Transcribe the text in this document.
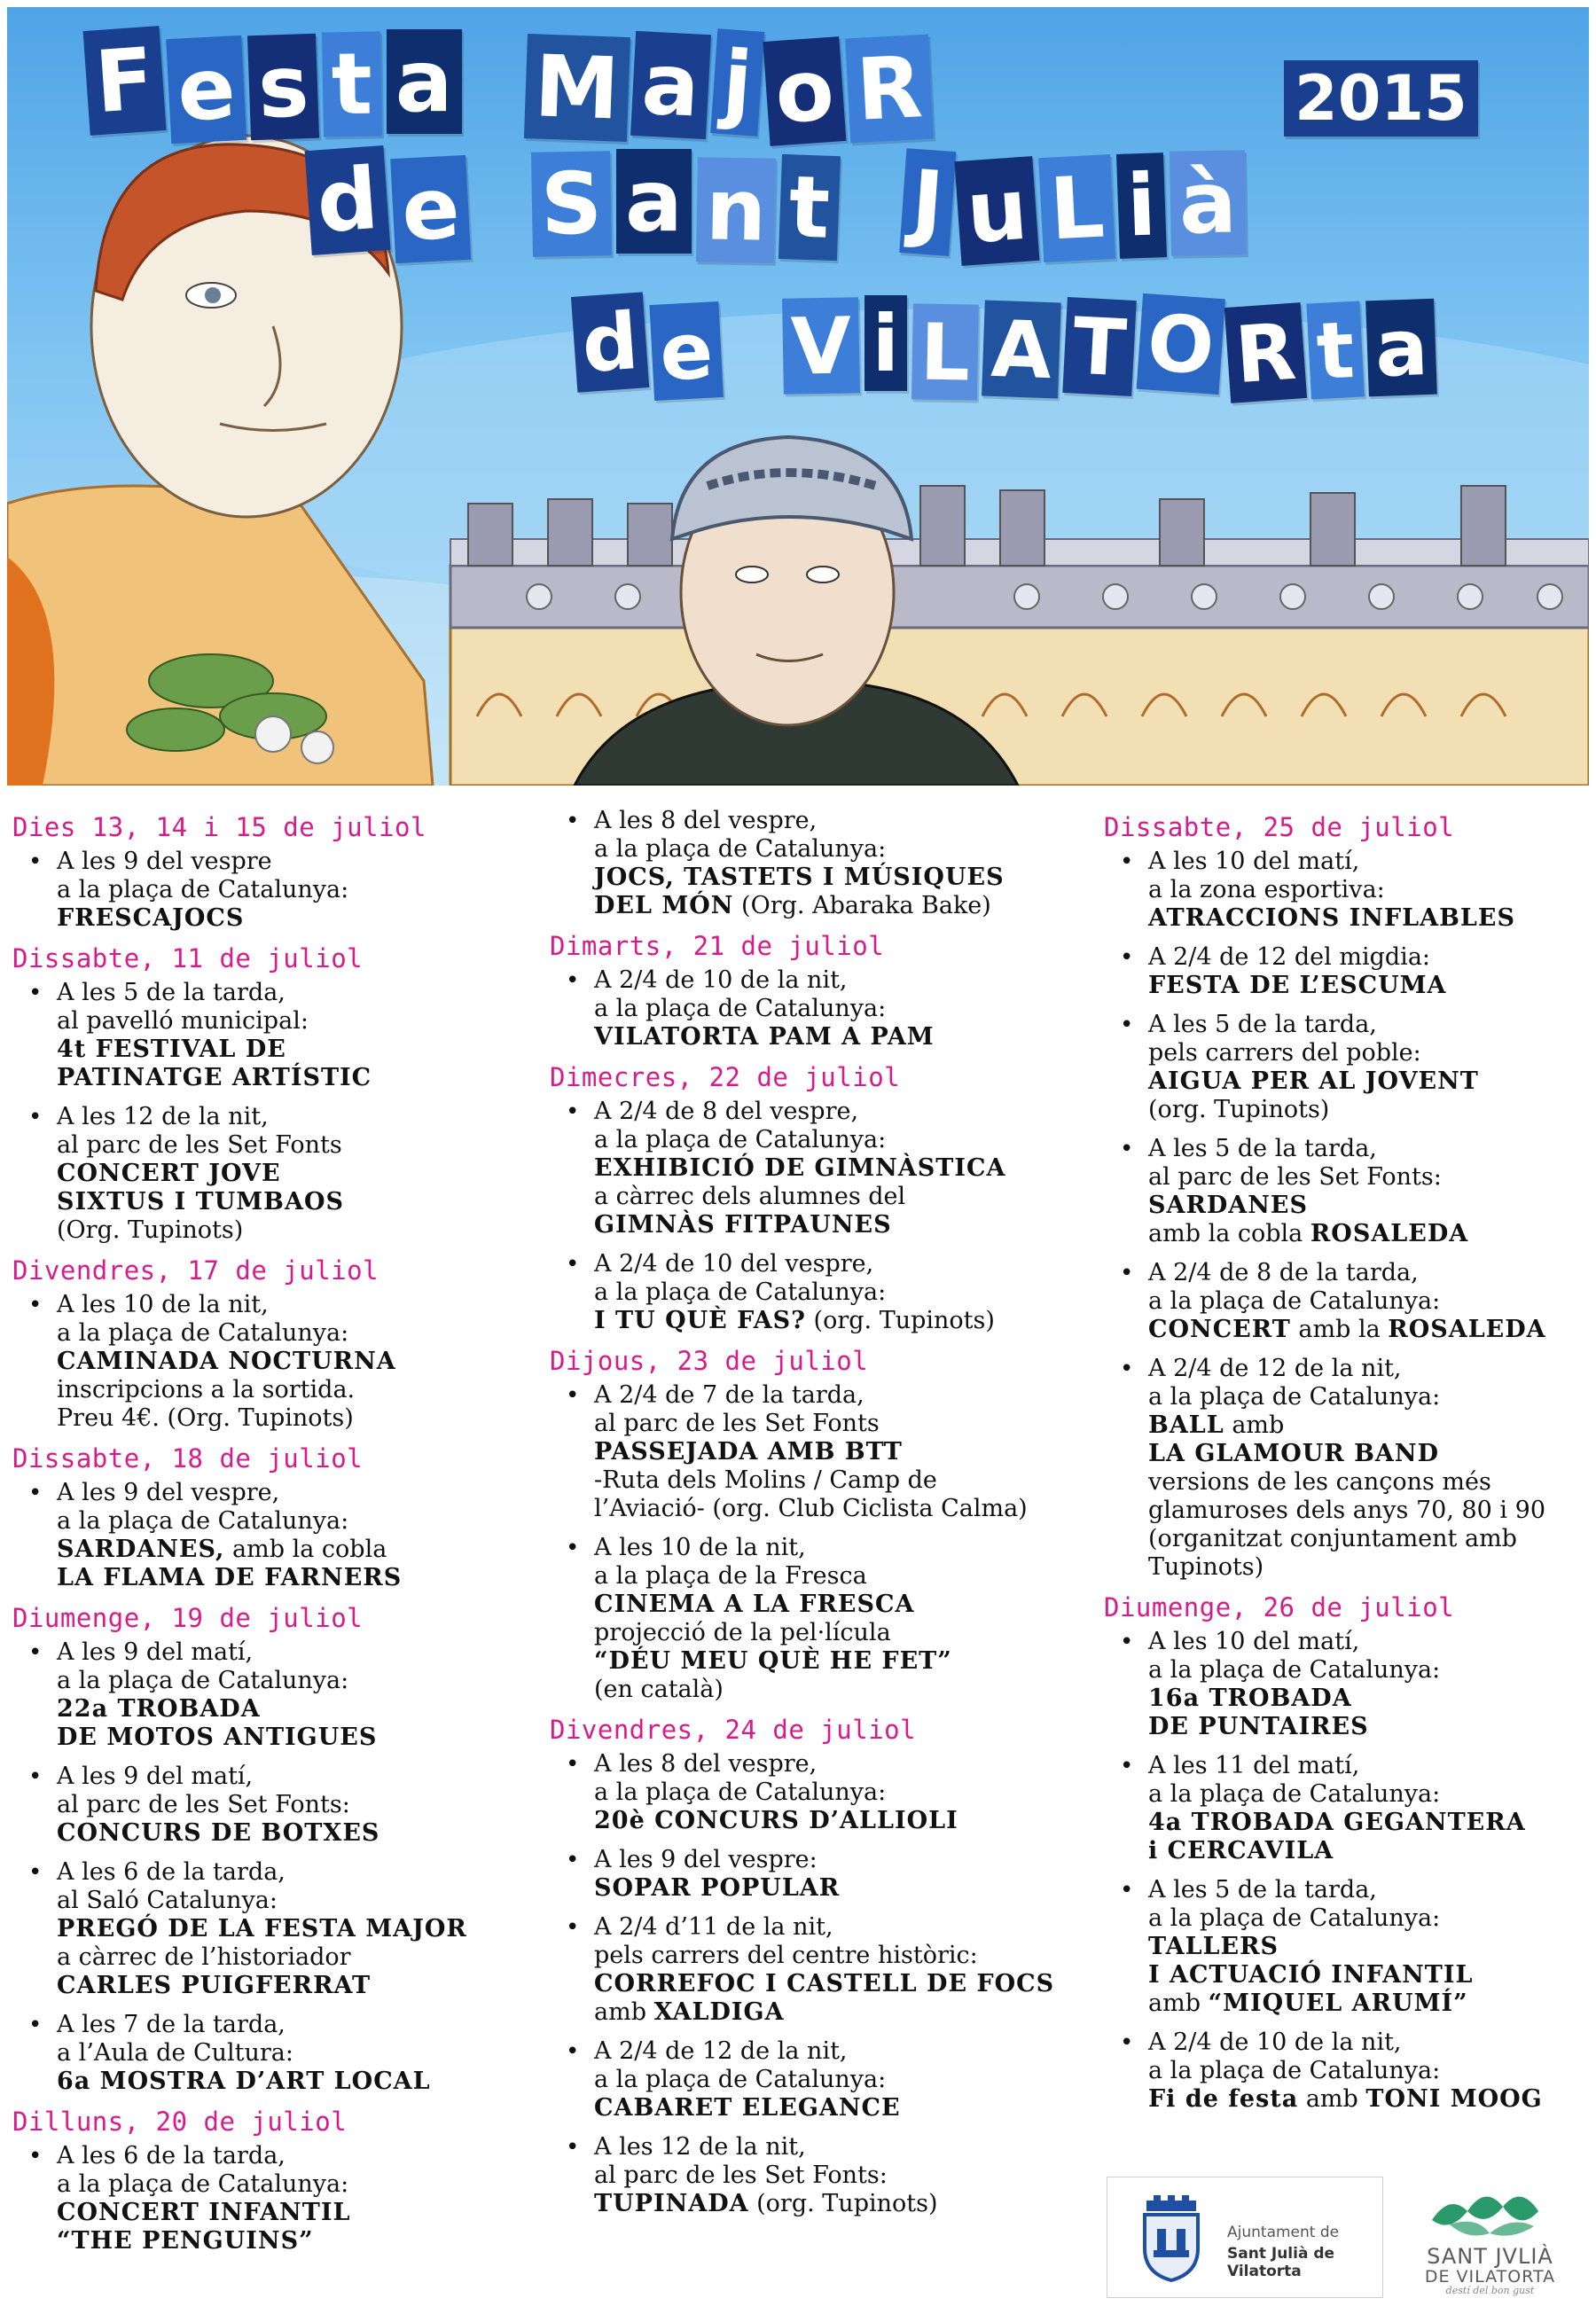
F e s t a M a j o R
d e S a n t J u L i à
d e V i L A T O R t a
2015
Dies 13, 14 i 15 de juliol
• A les 9 del vespre
a la plaça de Catalunya:
FRESCAJOCS
Dissabte, 11 de juliol
• A les 5 de la tarda,
al pavelló municipal:
4t FESTIVAL DE
PATINATGE ARTÍSTIC
• A les 12 de la nit,
al parc de les Set Fonts
CONCERT JOVE
SIXTUS I TUMBAOS
(Org. Tupinots)
Divendres, 17 de juliol
• A les 10 de la nit,
a la plaça de Catalunya:
CAMINADA NOCTURNA
inscripcions a la sortida.
Preu 4€. (Org. Tupinots)
Dissabte, 18 de juliol
• A les 9 del vespre,
a la plaça de Catalunya:
SARDANES, amb la cobla
LA FLAMA DE FARNERS
Diumenge, 19 de juliol
• A les 9 del matí,
a la plaça de Catalunya:
22a TROBADA
DE MOTOS ANTIGUES
• A les 9 del matí,
al parc de les Set Fonts:
CONCURS DE BOTXES
• A les 6 de la tarda,
al Saló Catalunya:
PREGÓ DE LA FESTA MAJOR
a càrrec de l’historiador
CARLES PUIGFERRAT
• A les 7 de la tarda,
a l’Aula de Cultura:
6a MOSTRA D’ART LOCAL
Dilluns, 20 de juliol
• A les 6 de la tarda,
a la plaça de Catalunya:
CONCERT INFANTIL
“THE PENGUINS”
• A les 8 del vespre,
a la plaça de Catalunya:
JOCS, TASTETS I MÚSIQUES
DEL MÓN (Org. Abaraka Bake)
Dimarts, 21 de juliol
• A 2/4 de 10 de la nit,
a la plaça de Catalunya:
VILATORTA PAM A PAM
Dimecres, 22 de juliol
• A 2/4 de 8 del vespre,
a la plaça de Catalunya:
EXHIBICIÓ DE GIMNÀSTICA
a càrrec dels alumnes del
GIMNÀS FITPAUNES
• A 2/4 de 10 del vespre,
a la plaça de Catalunya:
I TU QUÈ FAS? (org. Tupinots)
Dijous, 23 de juliol
• A 2/4 de 7 de la tarda,
al parc de les Set Fonts
PASSEJADA AMB BTT
-Ruta dels Molins / Camp de
l’Aviació- (org. Club Ciclista Calma)
• A les 10 de la nit,
a la plaça de la Fresca
CINEMA A LA FRESCA
projecció de la pel·lícula
“DÉU MEU QUÈ HE FET”
(en català)
Divendres, 24 de juliol
• A les 8 del vespre,
a la plaça de Catalunya:
20è CONCURS D’ALLIOLI
• A les 9 del vespre:
SOPAR POPULAR
• A 2/4 d’11 de la nit,
pels carrers del centre històric:
CORREFOC I CASTELL DE FOCS
amb XALDIGA
• A 2/4 de 12 de la nit,
a la plaça de Catalunya:
CABARET ELEGANCE
• A les 12 de la nit,
al parc de les Set Fonts:
TUPINADA (org. Tupinots)
Dissabte, 25 de juliol
• A les 10 del matí,
a la zona esportiva:
ATRACCIONS INFLABLES
• A 2/4 de 12 del migdia:
FESTA DE L’ESCUMA
• A les 5 de la tarda,
pels carrers del poble:
AIGUA PER AL JOVENT
(org. Tupinots)
• A les 5 de la tarda,
al parc de les Set Fonts:
SARDANES
amb la cobla ROSALEDA
• A 2/4 de 8 de la tarda,
a la plaça de Catalunya:
CONCERT amb la ROSALEDA
• A 2/4 de 12 de la nit,
a la plaça de Catalunya:
BALL amb
LA GLAMOUR BAND
versions de les cançons més
glamuroses dels anys 70, 80 i 90
(organitzat conjuntament amb
Tupinots)
Diumenge, 26 de juliol
• A les 10 del matí,
a la plaça de Catalunya:
16a TROBADA
DE PUNTAIRES
• A les 11 del matí,
a la plaça de Catalunya:
4a TROBADA GEGANTERA
i CERCAVILA
• A les 5 de la tarda,
a la plaça de Catalunya:
TALLERS
I ACTUACIÓ INFANTIL
amb “MIQUEL ARUMÍ”
• A 2/4 de 10 de la nit,
a la plaça de Catalunya:
Fi de festa amb TONI MOOG
Ajuntament de
Sant Julià de Vilatorta
SANT JVLIÀ
DE VILATORTA
destí del bon gust
